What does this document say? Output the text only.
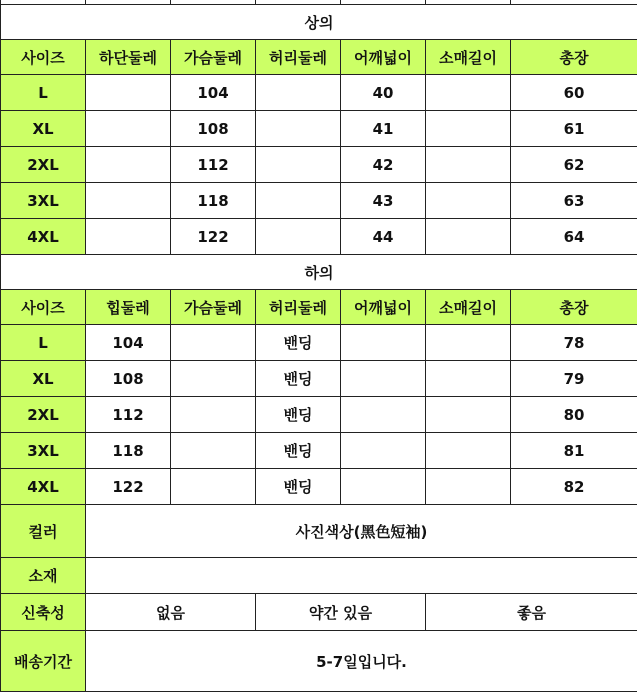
상의						
사이즈	하단둘레	가슴둘레	허리둘레	어깨넓이	소매길이	총장
L		104		40		60
XL		108		41		61
2XL		112		42		62
3XL		118		43		63
4XL		122		44		64
하의						
사이즈	힙둘레	가슴둘레	허리둘레	어깨넓이	소매길이	총장
L	104		밴딩			78
XL	108		밴딩			79
2XL	112		밴딩			80
3XL	118		밴딩			81
4XL	122		밴딩			82
컬러	사진색상(黑色短袖)					
소재						
신축성	없음		약간 있음		좋음	
배송기간	5-7일입니다.					
